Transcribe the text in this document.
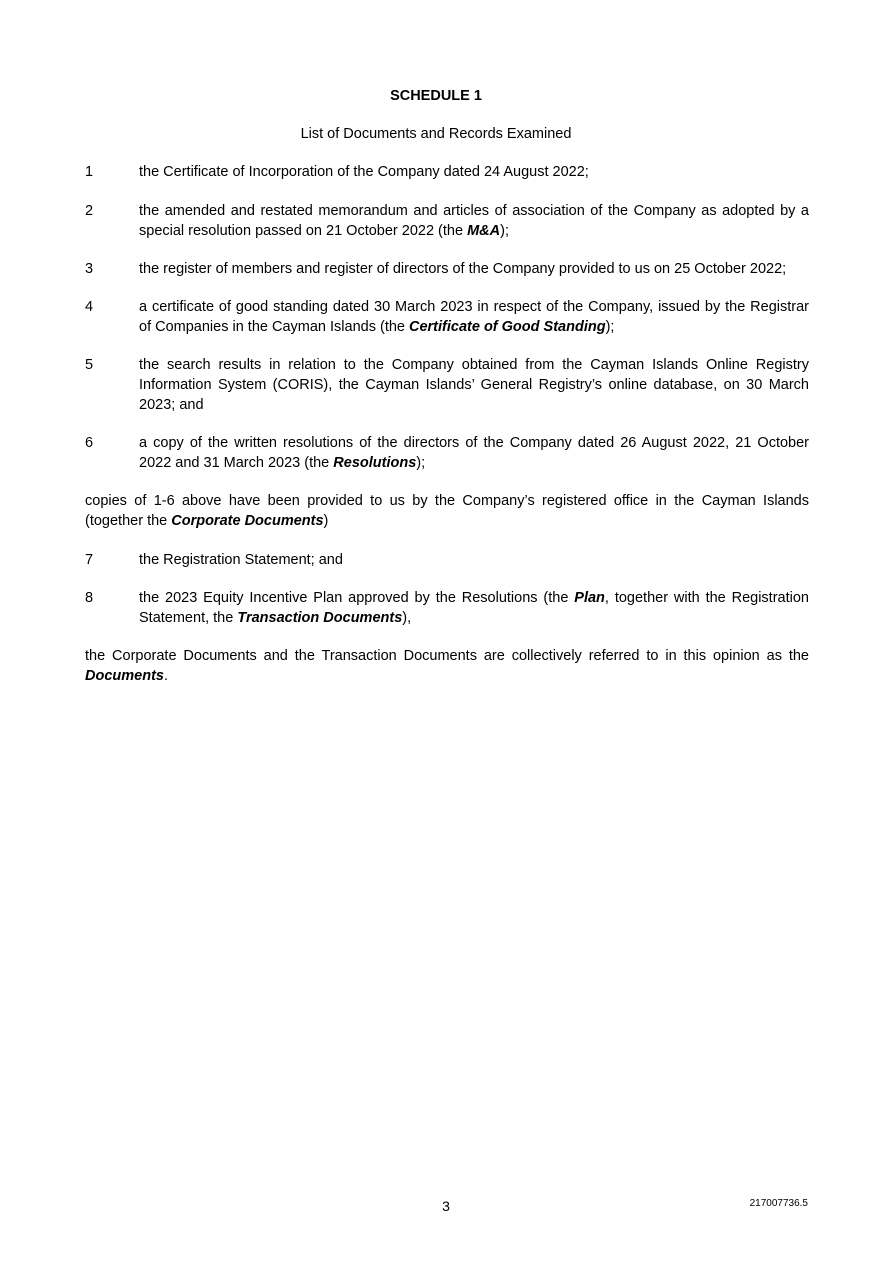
SCHEDULE 1
List of Documents and Records Examined
1	the Certificate of Incorporation of the Company dated 24 August 2022;
2	the amended and restated memorandum and articles of association of the Company as adopted by a special resolution passed on 21 October 2022 (the M&A);
3	the register of members and register of directors of the Company provided to us on 25 October 2022;
4	a certificate of good standing dated 30 March 2023 in respect of the Company, issued by the Registrar of Companies in the Cayman Islands (the Certificate of Good Standing);
5	the search results in relation to the Company obtained from the Cayman Islands Online Registry Information System (CORIS), the Cayman Islands’ General Registry’s online database, on 30 March 2023; and
6	a copy of the written resolutions of the directors of the Company dated 26 August 2022, 21 October 2022 and 31 March 2023 (the Resolutions);
copies of 1-6 above have been provided to us by the Company’s registered office in the Cayman Islands (together the Corporate Documents)
7	the Registration Statement; and
8	the 2023 Equity Incentive Plan approved by the Resolutions (the Plan, together with the Registration Statement, the Transaction Documents),
the Corporate Documents and the Transaction Documents are collectively referred to in this opinion as the Documents.
3	217007736.5
